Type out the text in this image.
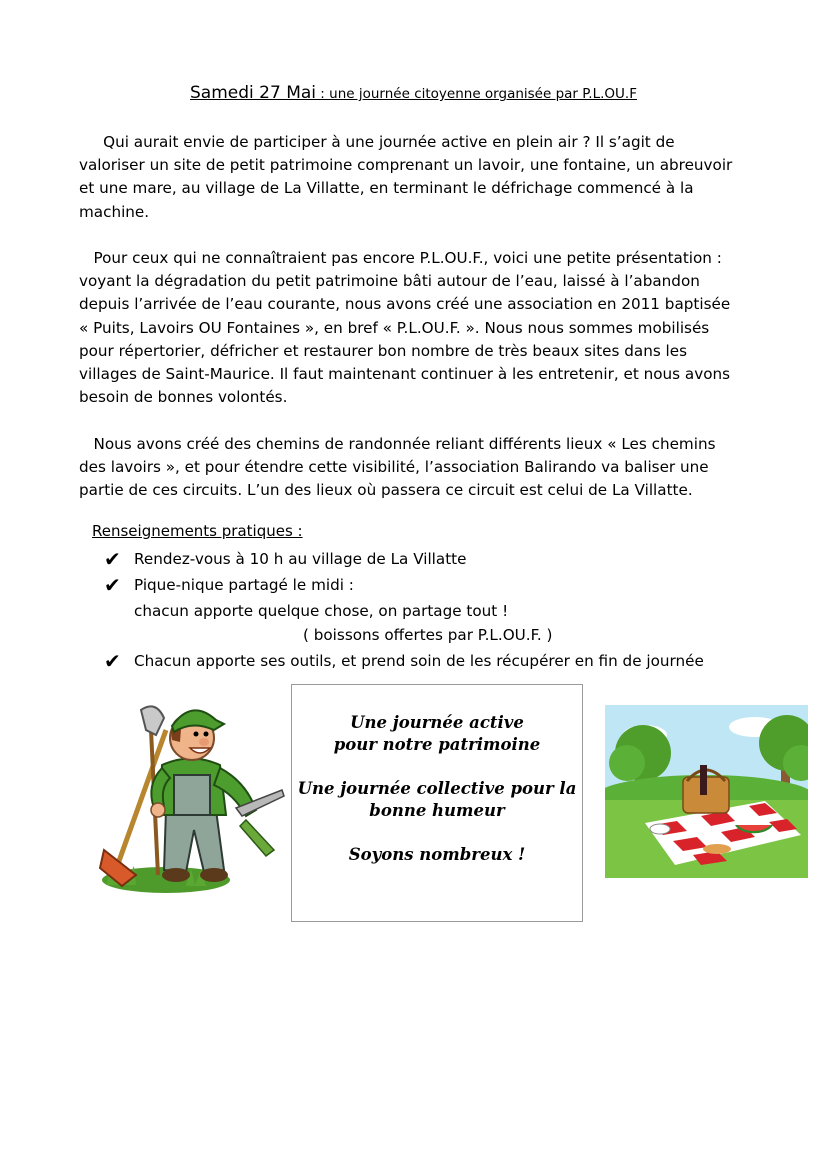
Samedi 27 Mai : une journée citoyenne organisée par P.L.OU.F

Qui aurait envie de participer à une journée active en plein air ? Il s’agit de
valoriser un site de petit patrimoine comprenant un lavoir, une fontaine, un abreuvoir
et une mare, au village de La Villatte, en terminant le défrichage commencé à la
machine.

Pour ceux qui ne connaîtraient pas encore P.L.OU.F., voici une petite présentation :
voyant la dégradation du petit patrimoine bâti autour de l’eau, laissé à l’abandon
depuis l’arrivée de l’eau courante, nous avons créé une association en 2011 baptisée
« Puits, Lavoirs OU Fontaines », en bref « P.L.OU.F. ». Nous nous sommes mobilisés
pour répertorier, défricher et restaurer bon nombre de très beaux sites dans les
villages de Saint-Maurice. Il faut maintenant continuer à les entretenir, et nous avons
besoin de bonnes volontés.

Nous avons créé des chemins de randonnée reliant différents lieux « Les chemins
des lavoirs », et pour étendre cette visibilité, l’association Balirando va baliser une
partie de ces circuits. L’un des lieux où passera ce circuit est celui de La Villatte.

Renseignements pratiques :
✔ Rendez-vous à 10 h au village de La Villatte
✔ Pique-nique partagé le midi :
chacun apporte quelque chose, on partage tout !
( boissons offertes par P.L.OU.F. )
✔ Chacun apporte ses outils, et prend soin de les récupérer en fin de journée
Une journée active
pour notre patrimoine
Une journée collective pour la
bonne humeur
Soyons nombreux !
